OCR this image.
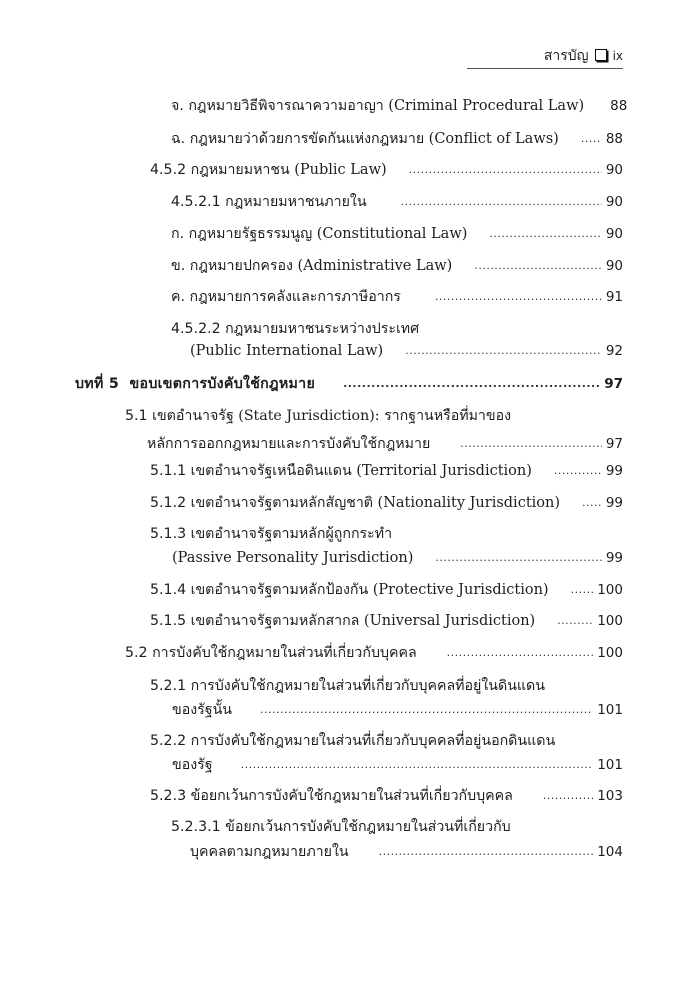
สารบัญ ix
จ. กฎหมายวิธีพิจารณาความอาญา (Criminal Procedural Law) 88
ฉ. กฎหมายว่าด้วยการขัดกันแห่งกฎหมาย (Conflict of Laws) .....	88
4.5.2 กฎหมายมหาชน (Public Law) .....	90
4.5.2.1 กฎหมายมหาชนภายใน .....	90
ก. กฎหมายรัฐธรรมนูญ (Constitutional Law) .....	90
ข. กฎหมายปกครอง (Administrative Law) .....	90
ค. กฎหมายการคลังและการภาษีอากร .....	91
4.5.2.2 กฎหมายมหาชนระหว่างประเทศ
(Public International Law) .....	92
บทที่ 5 ขอบเขตการบังคับใช้กฎหมาย .....	97
5.1 เขตอำนาจรัฐ (State Jurisdiction): รากฐานหรือที่มาของ
หลักการออกกฎหมายและการบังคับใช้กฎหมาย .....	97
5.1.1 เขตอำนาจรัฐเหนือดินแดน (Territorial Jurisdiction) .....	99
5.1.2 เขตอำนาจรัฐตามหลักสัญชาติ (Nationality Jurisdiction) .....	99
5.1.3 เขตอำนาจรัฐตามหลักผู้ถูกกระทำ
(Passive Personality Jurisdiction) .....	99
5.1.4 เขตอำนาจรัฐตามหลักป้องกัน (Protective Jurisdiction) .....	100
5.1.5 เขตอำนาจรัฐตามหลักสากล (Universal Jurisdiction) .....	100
5.2 การบังคับใช้กฎหมายในส่วนที่เกี่ยวกับบุคคล .....	100
5.2.1 การบังคับใช้กฎหมายในส่วนที่เกี่ยวกับบุคคลที่อยู่ในดินแดน
ของรัฐนั้น .....	101
5.2.2 การบังคับใช้กฎหมายในส่วนที่เกี่ยวกับบุคคลที่อยู่นอกดินแดน
ของรัฐ .....	101
5.2.3 ข้อยกเว้นการบังคับใช้กฎหมายในส่วนที่เกี่ยวกับบุคคล .....	103
5.2.3.1 ข้อยกเว้นการบังคับใช้กฎหมายในส่วนที่เกี่ยวกับ
บุคคลตามกฎหมายภายใน .....	104
